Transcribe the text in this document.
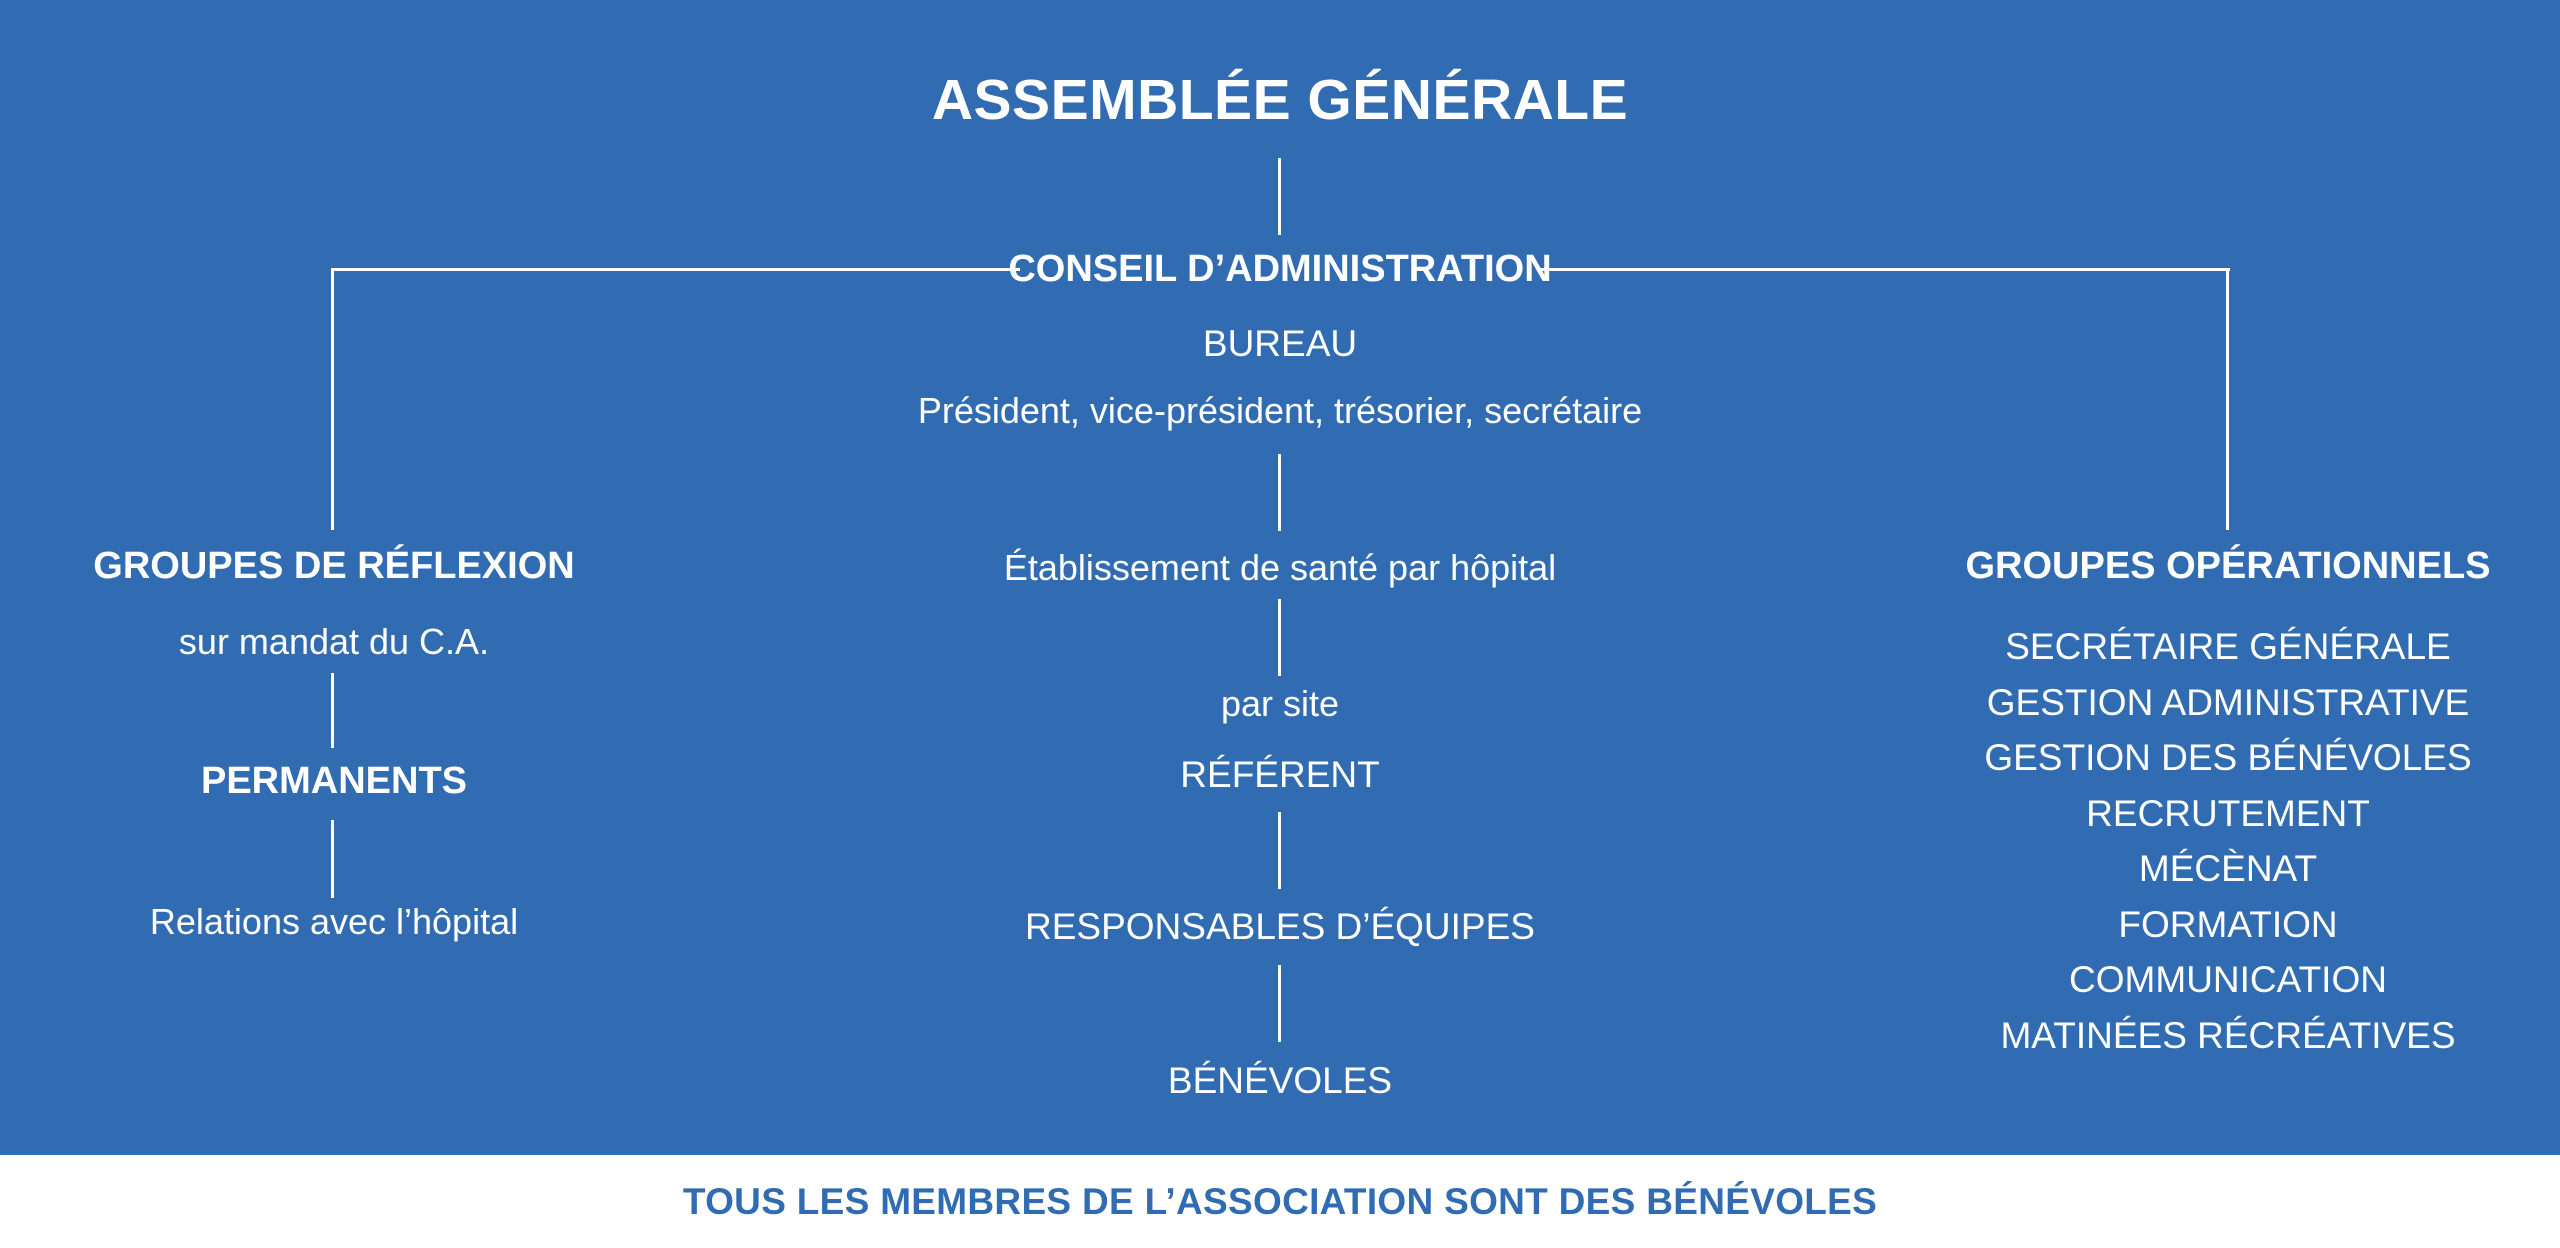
ASSEMBLÉE GÉNÉRALE
CONSEIL D’ADMINISTRATION
BUREAU
Président, vice-président, trésorier, secrétaire
Établissement de santé par hôpital
par site
RÉFÉRENT
RESPONSABLES D’ÉQUIPES
BÉNÉVOLES
GROUPES DE RÉFLEXION
sur mandat du C.A.
PERMANENTS
Relations avec l’hôpital
GROUPES OPÉRATIONNELS
SECRÉTAIRE GÉNÉRALE
GESTION ADMINISTRATIVE
GESTION DES BÉNÉVOLES
RECRUTEMENT
MÉCÈNAT
FORMATION
COMMUNICATION
MATINÉES RÉCRÉATIVES
TOUS LES MEMBRES DE L’ASSOCIATION SONT DES BÉNÉVOLES
